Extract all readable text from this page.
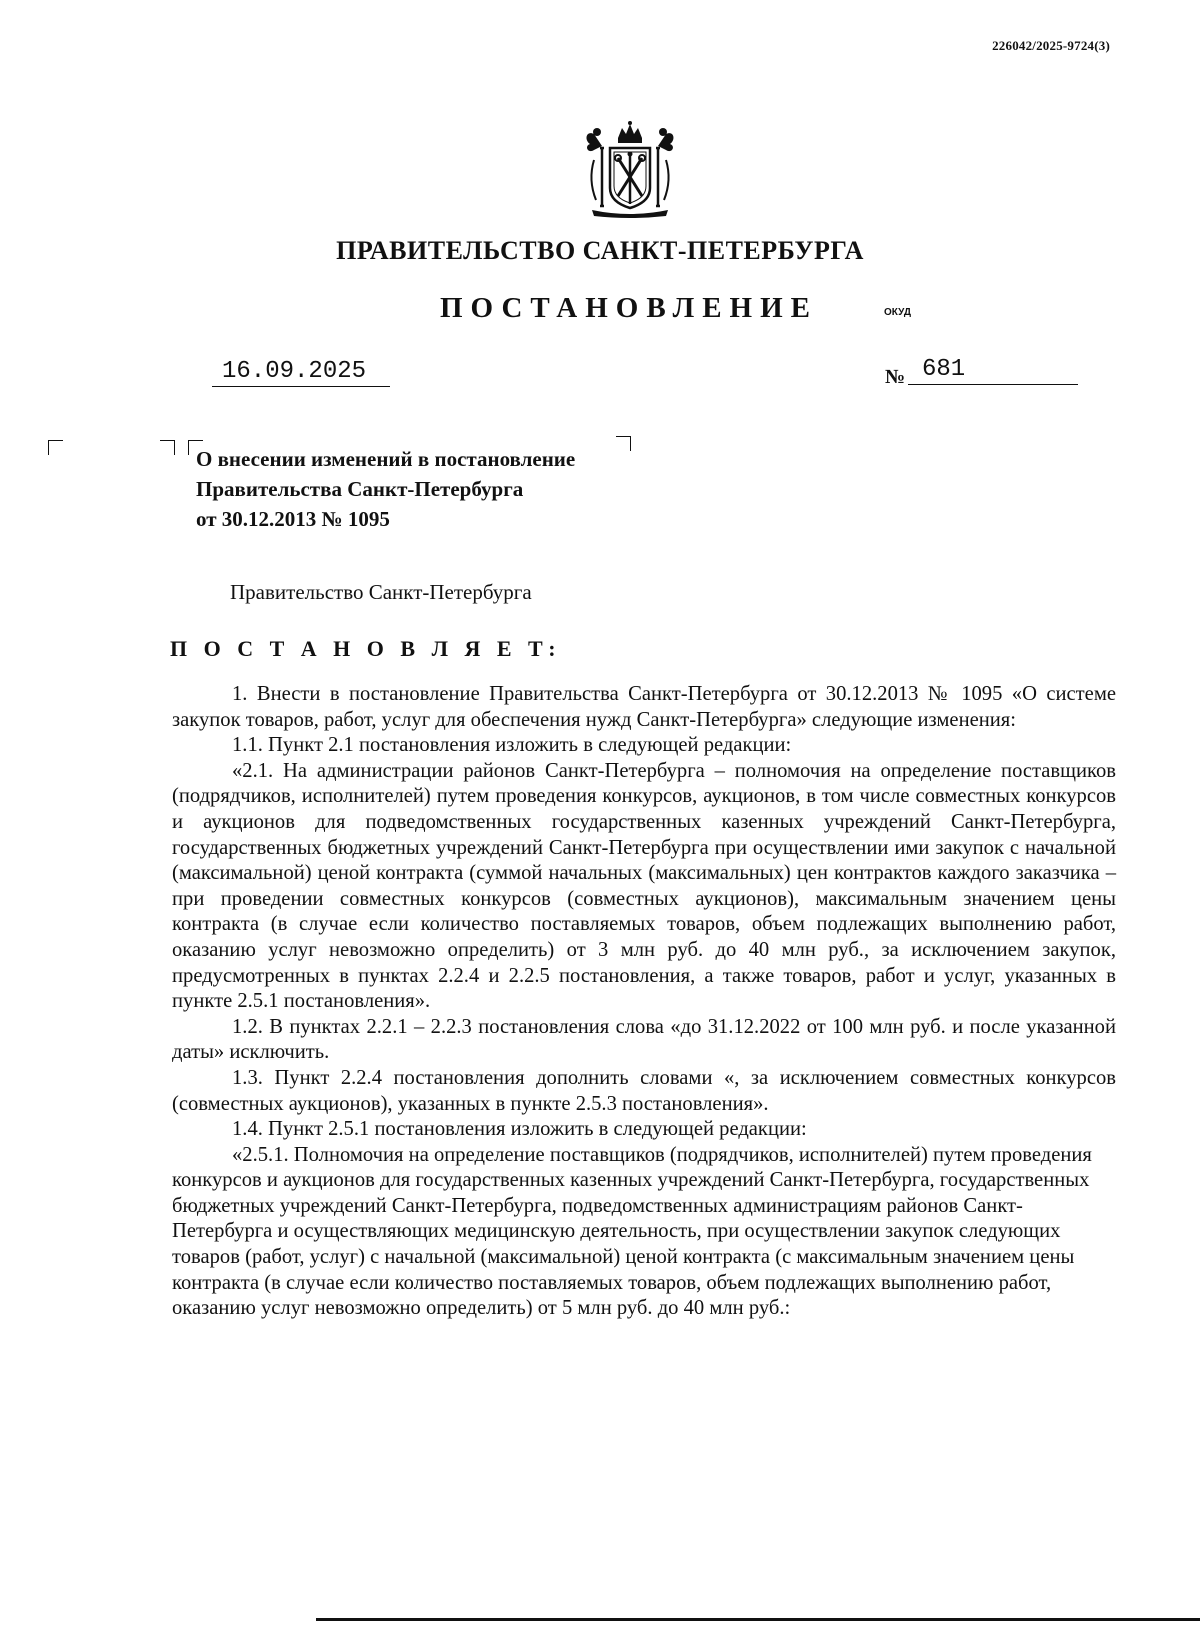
226042/2025-9724(3)
ПРАВИТЕЛЬСТВО САНКТ-ПЕТЕРБУРГА
ПОСТАНОВЛЕНИЕ	ОКУД
16.09.2025	№ 681
О внесении изменений в постановление
Правительства Санкт-Петербурга
от 30.12.2013 № 1095
Правительство Санкт-Петербурга
П О С Т А Н О В Л Я Е Т:

1. Внести в постановление Правительства Санкт-Петербурга от 30.12.2013 № 1095 «О системе закупок товаров, работ, услуг для обеспечения нужд Санкт-Петербурга» следующие изменения:

1.1. Пункт 2.1 постановления изложить в следующей редакции:

«2.1. На администрации районов Санкт-Петербурга – полномочия на определение поставщиков (подрядчиков, исполнителей) путем проведения конкурсов, аукционов, в том числе совместных конкурсов и аукционов для подведомственных государственных казенных учреждений Санкт-Петербурга, государственных бюджетных учреждений Санкт-Петербурга при осуществлении ими закупок с начальной (максимальной) ценой контракта (суммой начальных (максимальных) цен контрактов каждого заказчика – при проведении совместных конкурсов (совместных аукционов), максимальным значением цены контракта (в случае если количество поставляемых товаров, объем подлежащих выполнению работ, оказанию услуг невозможно определить) от 3 млн руб. до 40 млн руб., за исключением закупок, предусмотренных в пунктах 2.2.4 и 2.2.5 постановления, а также товаров, работ и услуг, указанных в пункте 2.5.1 постановления».

1.2. В пунктах 2.2.1 – 2.2.3 постановления слова «до 31.12.2022 от 100 млн руб. и после указанной даты» исключить.

1.3. Пункт 2.2.4 постановления дополнить словами «, за исключением совместных конкурсов (совместных аукционов), указанных в пункте 2.5.3 постановления».

1.4. Пункт 2.5.1 постановления изложить в следующей редакции:

«2.5.1. Полномочия на определение поставщиков (подрядчиков, исполнителей) путем проведения конкурсов и аукционов для государственных казенных учреждений Санкт-Петербурга, государственных бюджетных учреждений Санкт-Петербурга, подведомственных администрациям районов Санкт-Петербурга и осуществляющих медицинскую деятельность, при осуществлении закупок следующих товаров (работ, услуг) с начальной (максимальной) ценой контракта (с максимальным значением цены контракта (в случае если количество поставляемых товаров, объем подлежащих выполнению работ, оказанию услуг невозможно определить) от 5 млн руб. до 40 млн руб.:
